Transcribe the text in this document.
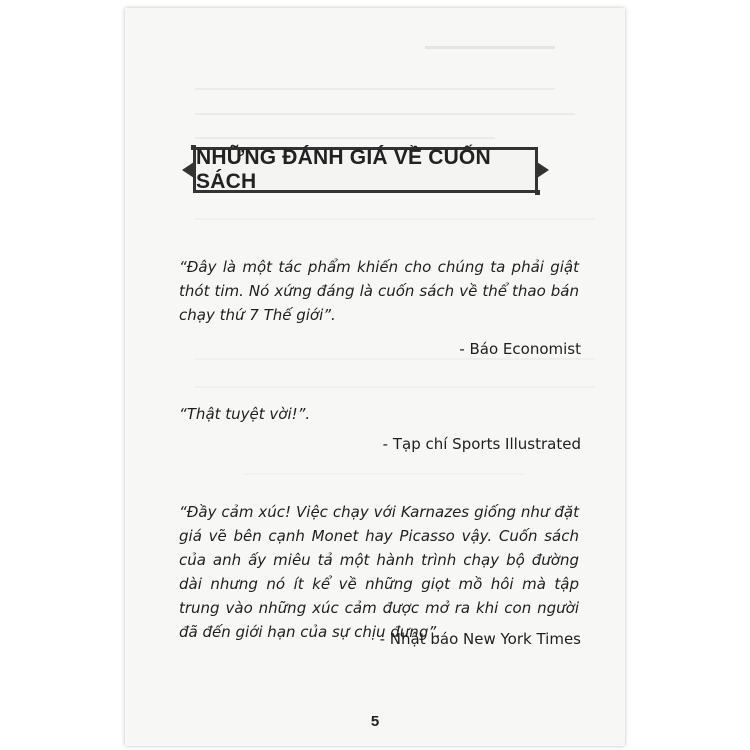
NHỮNG ĐÁNH GIÁ VỀ CUỐN SÁCH
“Đây là một tác phẩm khiến cho chúng ta phải giật thót tim. Nó xứng đáng là cuốn sách về thể thao bán chạy thứ 7 Thế giới”.
- Báo Economist
“Thật tuyệt vời!”.
- Tạp chí Sports Illustrated
“Đầy cảm xúc! Việc chạy với Karnazes giống như đặt giá vẽ bên cạnh Monet hay Picasso vậy. Cuốn sách của anh ấy miêu tả một hành trình chạy bộ đường dài nhưng nó ít kể về những giọt mồ hôi mà tập trung vào những xúc cảm được mở ra khi con người đã đến giới hạn của sự chịu đựng”.
- Nhật báo New York Times
5
